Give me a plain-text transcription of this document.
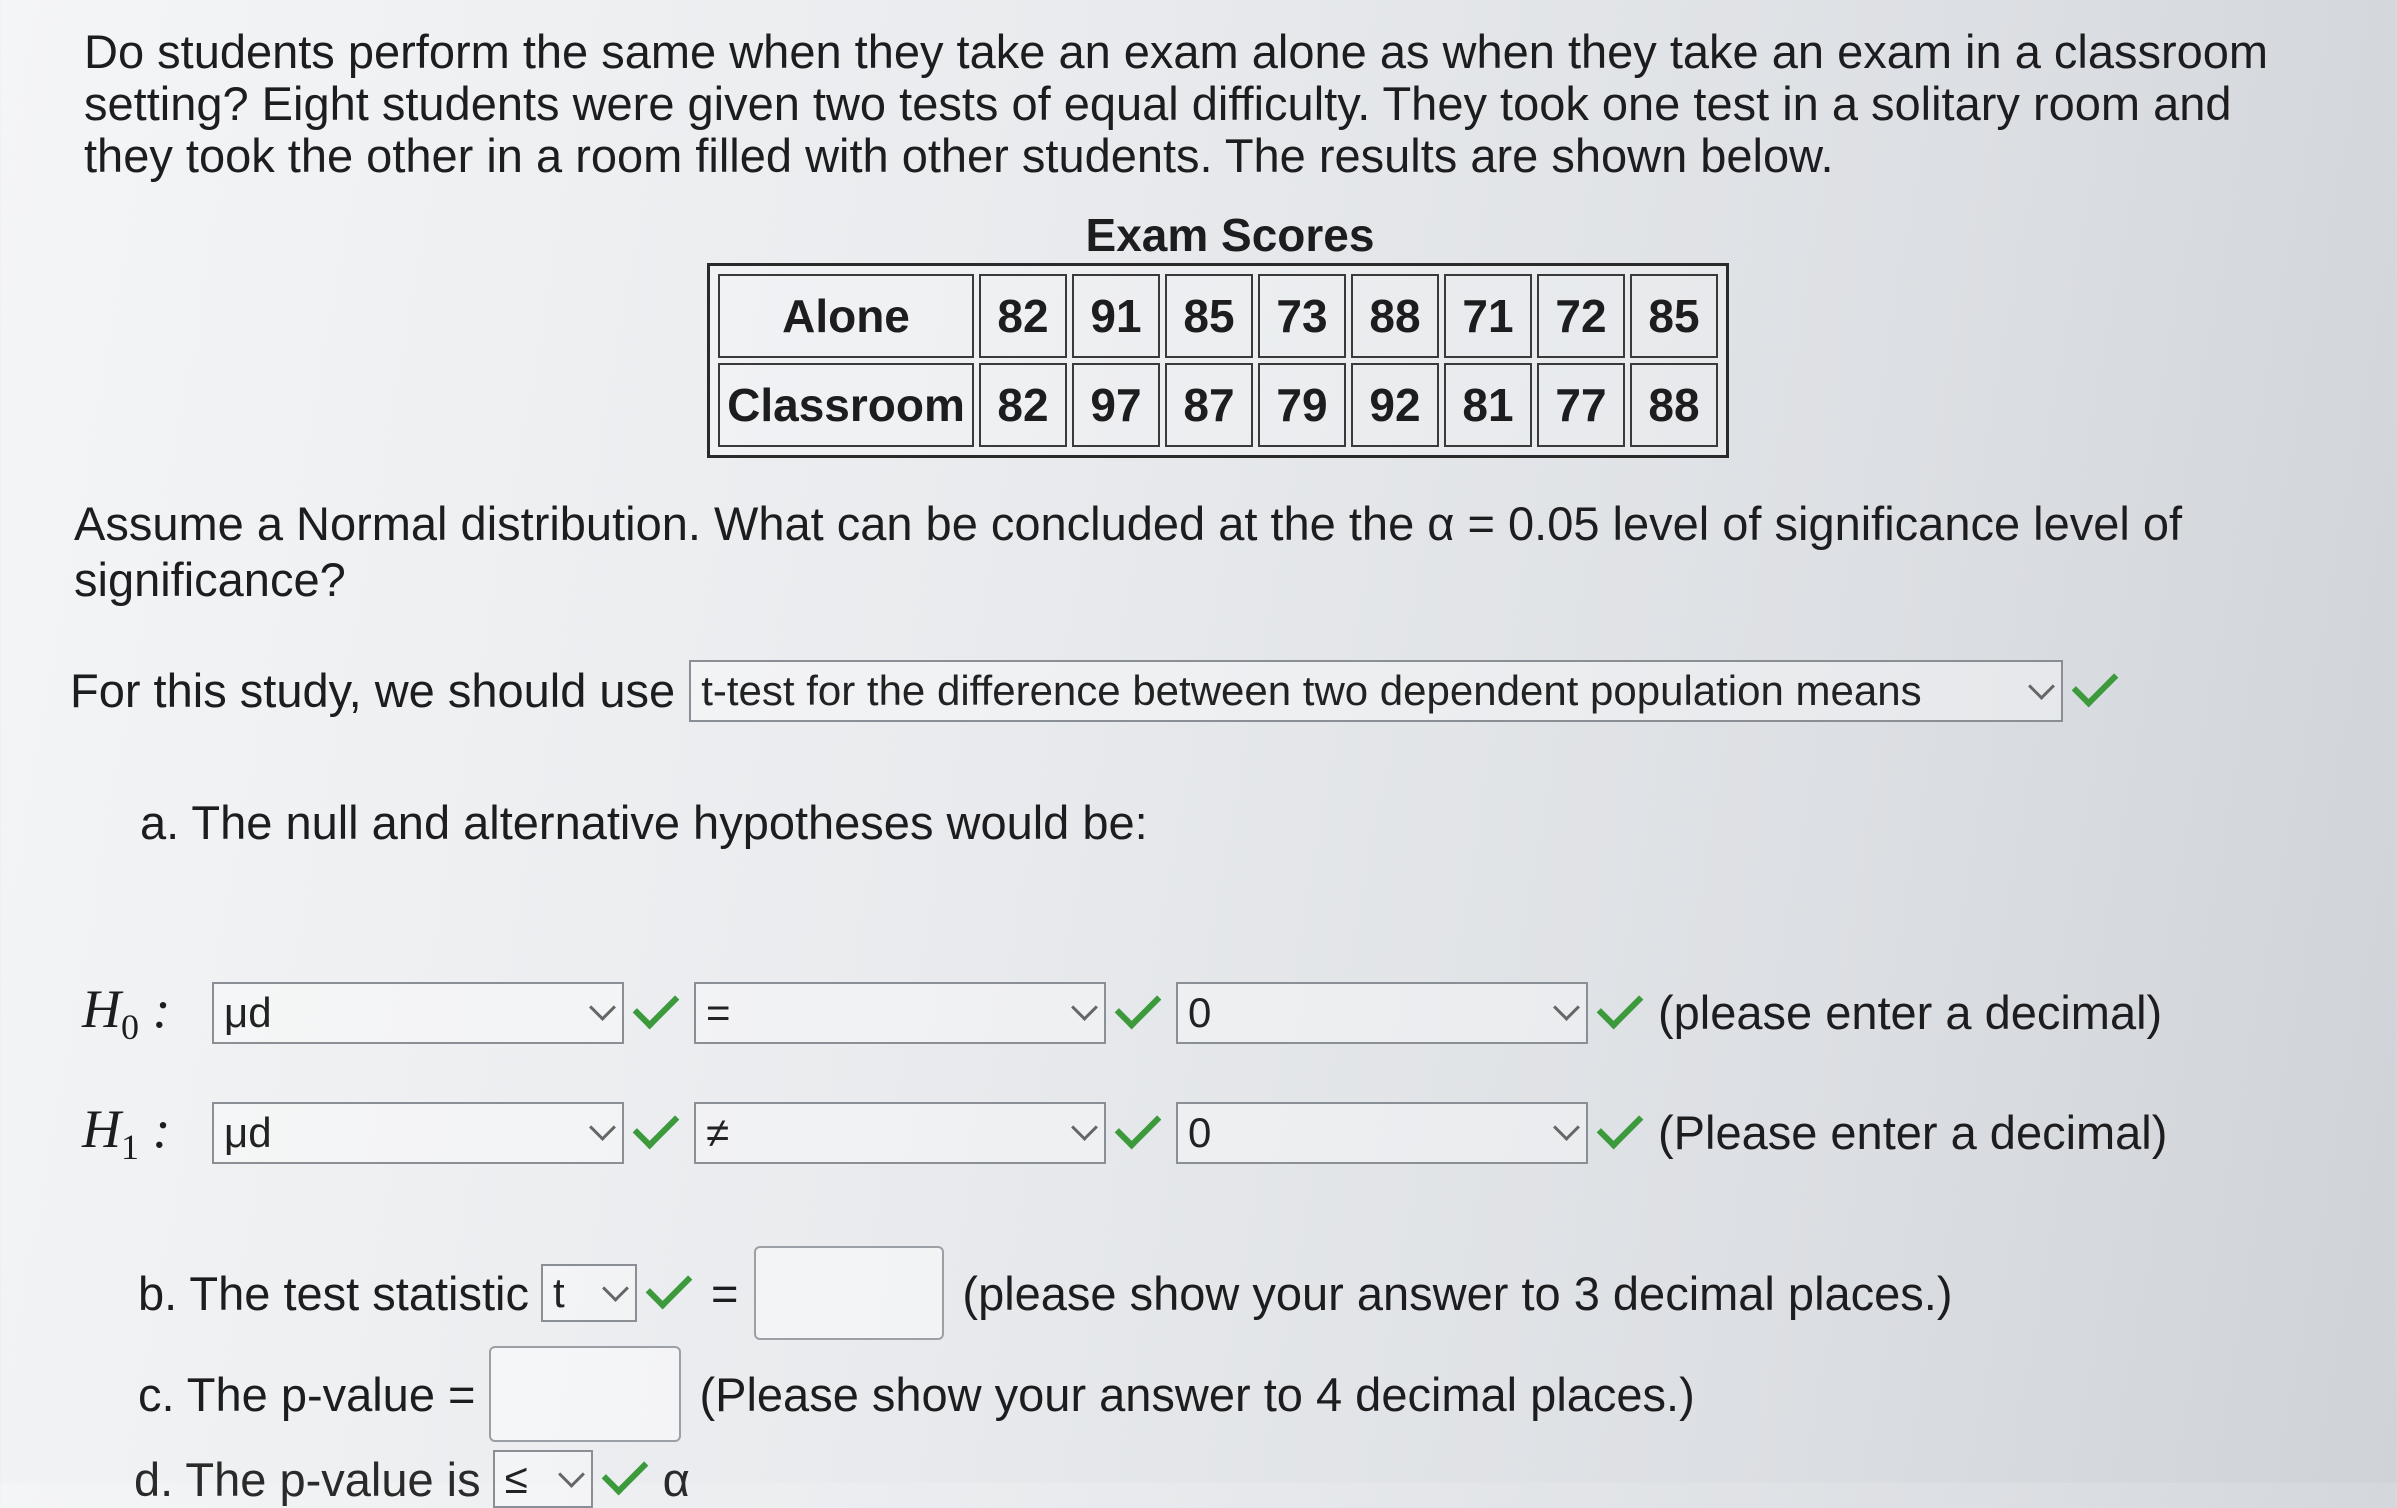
Do students perform the same when they take an exam alone as when they take an exam in a classroom setting? Eight students were given two tests of equal difficulty. They took one test in a solitary room and they took the other in a room filled with other students. The results are shown below.
Exam Scores
Alone	82	91	85	73	88	71	72	85
Classroom	82	97	87	79	92	81	77	88
Assume a Normal distribution. What can be concluded at the the α = 0.05 level of significance level of significance?
For this study, we should use t-test for the difference between two dependent population means
a. The null and alternative hypotheses would be:
$H_0$ :	μd	=	0	(please enter a decimal)
$H_1$ :	μd	≠	0	(Please enter a decimal)
b. The test statistic t	=	(please show your answer to 3 decimal places.)
c. The p-value =	(Please show your answer to 4 decimal places.)
d. The p-value is ≤	α
